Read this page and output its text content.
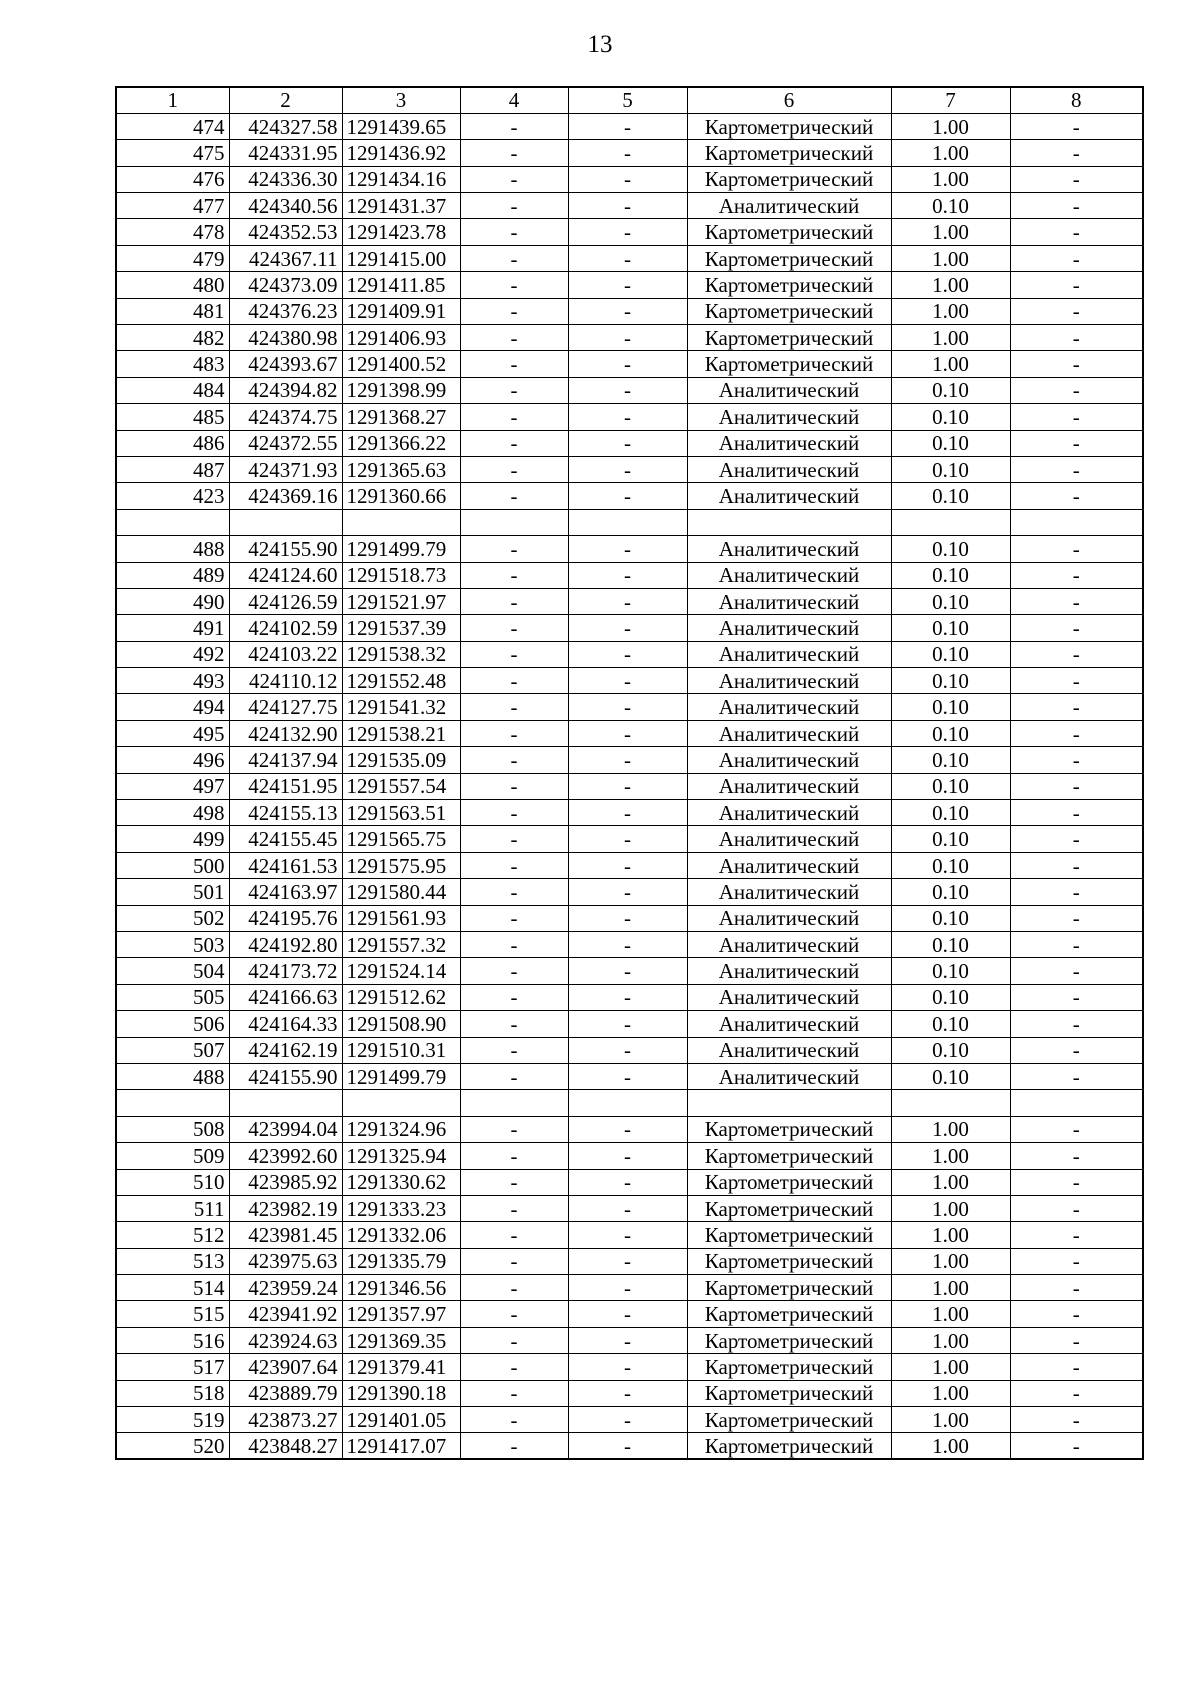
13
1	2	3	4	5	6	7	8
474	424327.58	1291439.65	-	-	Картометрический	1.00	-
475	424331.95	1291436.92	-	-	Картометрический	1.00	-
476	424336.30	1291434.16	-	-	Картометрический	1.00	-
477	424340.56	1291431.37	-	-	Аналитический	0.10	-
478	424352.53	1291423.78	-	-	Картометрический	1.00	-
479	424367.11	1291415.00	-	-	Картометрический	1.00	-
480	424373.09	1291411.85	-	-	Картометрический	1.00	-
481	424376.23	1291409.91	-	-	Картометрический	1.00	-
482	424380.98	1291406.93	-	-	Картометрический	1.00	-
483	424393.67	1291400.52	-	-	Картометрический	1.00	-
484	424394.82	1291398.99	-	-	Аналитический	0.10	-
485	424374.75	1291368.27	-	-	Аналитический	0.10	-
486	424372.55	1291366.22	-	-	Аналитический	0.10	-
487	424371.93	1291365.63	-	-	Аналитический	0.10	-
423	424369.16	1291360.66	-	-	Аналитический	0.10	-

488	424155.90	1291499.79	-	-	Аналитический	0.10	-
489	424124.60	1291518.73	-	-	Аналитический	0.10	-
490	424126.59	1291521.97	-	-	Аналитический	0.10	-
491	424102.59	1291537.39	-	-	Аналитический	0.10	-
492	424103.22	1291538.32	-	-	Аналитический	0.10	-
493	424110.12	1291552.48	-	-	Аналитический	0.10	-
494	424127.75	1291541.32	-	-	Аналитический	0.10	-
495	424132.90	1291538.21	-	-	Аналитический	0.10	-
496	424137.94	1291535.09	-	-	Аналитический	0.10	-
497	424151.95	1291557.54	-	-	Аналитический	0.10	-
498	424155.13	1291563.51	-	-	Аналитический	0.10	-
499	424155.45	1291565.75	-	-	Аналитический	0.10	-
500	424161.53	1291575.95	-	-	Аналитический	0.10	-
501	424163.97	1291580.44	-	-	Аналитический	0.10	-
502	424195.76	1291561.93	-	-	Аналитический	0.10	-
503	424192.80	1291557.32	-	-	Аналитический	0.10	-
504	424173.72	1291524.14	-	-	Аналитический	0.10	-
505	424166.63	1291512.62	-	-	Аналитический	0.10	-
506	424164.33	1291508.90	-	-	Аналитический	0.10	-
507	424162.19	1291510.31	-	-	Аналитический	0.10	-
488	424155.90	1291499.79	-	-	Аналитический	0.10	-

508	423994.04	1291324.96	-	-	Картометрический	1.00	-
509	423992.60	1291325.94	-	-	Картометрический	1.00	-
510	423985.92	1291330.62	-	-	Картометрический	1.00	-
511	423982.19	1291333.23	-	-	Картометрический	1.00	-
512	423981.45	1291332.06	-	-	Картометрический	1.00	-
513	423975.63	1291335.79	-	-	Картометрический	1.00	-
514	423959.24	1291346.56	-	-	Картометрический	1.00	-
515	423941.92	1291357.97	-	-	Картометрический	1.00	-
516	423924.63	1291369.35	-	-	Картометрический	1.00	-
517	423907.64	1291379.41	-	-	Картометрический	1.00	-
518	423889.79	1291390.18	-	-	Картометрический	1.00	-
519	423873.27	1291401.05	-	-	Картометрический	1.00	-
520	423848.27	1291417.07	-	-	Картометрический	1.00	-
